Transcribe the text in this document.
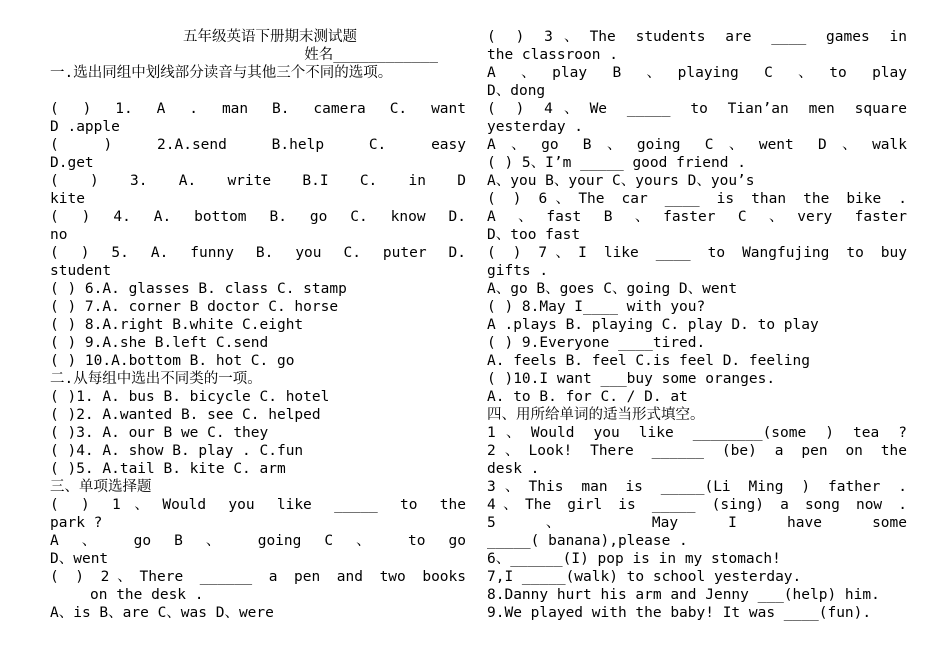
五年级英语下册期末测试题
姓名____________
一.选出同组中划线部分读音与其他三个不同的选项。

( ) 1. A . man B. camera C. want
D .apple
( ) 2.A.send B.help C. easy
D.get
( ) 3. A. write B.I C. in D
kite
( ) 4. A. bottom B. go C. know D.
no
( ) 5. A. funny B. you C. puter D.
student
( ) 6.A. glasses B. class C. stamp
( ) 7.A. corner B doctor C. horse
( ) 8.A.right B.white C.eight
( ) 9.A.she B.left C.send
( ) 10.A.bottom B. hot C. go
二.从每组中选出不同类的一项。
( )1. A. bus B. bicycle C. hotel
( )2. A.wanted B. see C. helped
( )3. A. our B we C. they
( )4. A. show B. play . C.fun
( )5. A.tail B. kite C. arm
三、单项选择题
( ) 1、Would you like _____ to the
park ?
A 、 go B 、 going C 、 to go
D、went
( ) 2、There ______ a pen and two books
on the desk .
A、is B、are C、was D、were
( ) 3、The students are ____ games in
the classroon .
A 、play B 、playing C 、to play
D、dong
( ) 4、We _____ to Tian’an men square
yesterday .
A、go B、going C、went D、walk
( ) 5、I’m _____ good friend .
A、you B、your C、yours D、you’s
( ) 6、The car ____ is than the bike .
A 、fast B 、faster C 、very faster
D、too fast
( ) 7、I like ____ to Wangfujing to buy
gifts .
A、go B、goes C、going D、went
( ) 8.May I____ with you?
A .plays B. playing C. play D. to play
( ) 9.Everyone ____tired.
A. feels B. feel C.is feel D. feeling
( )10.I want ___buy some oranges.
A. to B. for C. / D. at
四、用所给单词的适当形式填空。
1、Would you like ________(some ) tea ?
2、Look! There ______ (be) a pen on the
desk .
3、This man is _____(Li Ming ) father .
4、The girl is _____ (sing) a song now .
5 、 May I have some
_____( banana),please .
6、______(I) pop is in my stomach!
7,I _____(walk) to school yesterday.
8.Danny hurt his arm and Jenny ___(help) him.
9.We played with the baby! It was ____(fun).
